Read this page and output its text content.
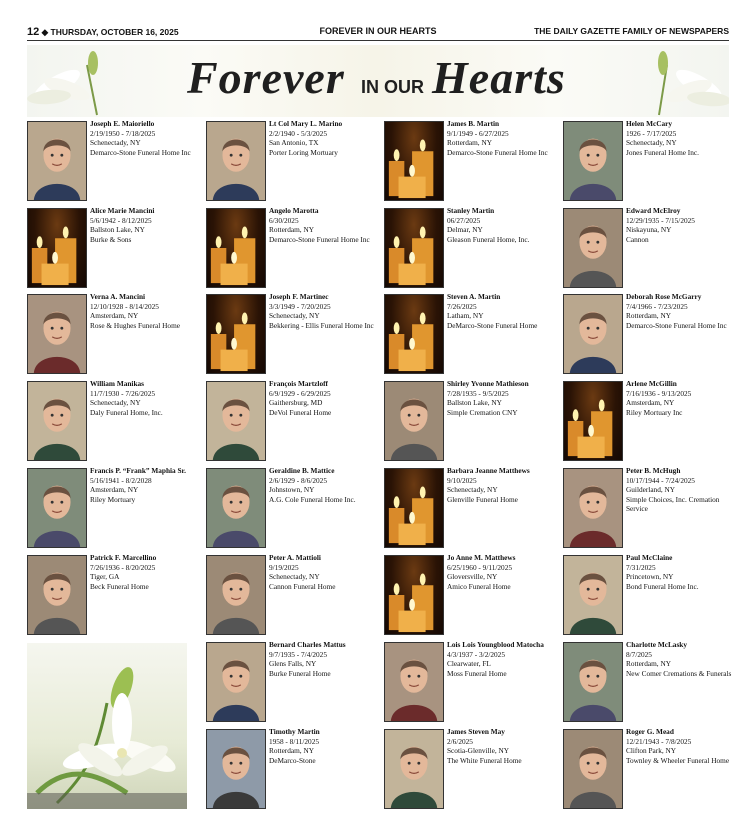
12 ◆ THURSDAY, OCTOBER 16, 2025	FOREVER IN OUR HEARTS	THE DAILY GAZETTE FAMILY OF NEWSPAPERS
Forever IN OUR Hearts
Joseph E. Maioriello
2/19/1950 - 7/18/2025
Schenectady, NY
Demarco-Stone Funeral Home Inc
Alice Marie Mancini
5/6/1942 - 8/12/2025
Ballston Lake, NY
Burke & Sons
Verna A. Mancini
12/10/1928 - 8/14/2025
Amsterdam, NY
Rose & Hughes Funeral Home
William Manikas
11/7/1930 - 7/26/2025
Schenectady, NY
Daly Funeral Home, Inc.
Francis P. “Frank” Maphia Sr.
5/16/1941 - 8/2/2028
Amsterdam, NY
Riley Mortuary
Patrick F. Marcellino
7/26/1936 - 8/20/2025
Tiger, GA
Beck Funeral Home
Lt Col Mary L. Marino
2/2/1940 - 5/3/2025
San Antonio, TX
Porter Loring Mortuary
Angelo Marotta
6/30/2025
Rotterdam, NY
Demarco-Stone Funeral Home Inc
Joseph F. Martinec
3/3/1949 - 7/20/2025
Schenectady, NY
Bekkering - Ellis Funeral Home Inc
François Martzloff
6/9/1929 - 6/29/2025
Gaithersburg, MD
DeVol Funeral Home
Geraldine B. Mattice
2/6/1929 - 8/6/2025
Johnstown, NY
A.G. Cole Funeral Home Inc.
Peter A. Mattioli
9/19/2025
Schenectady, NY
Cannon Funeral Home
Bernard Charles Mattus
9/7/1935 - 7/4/2025
Glens Falls, NY
Burke Funeral Home
Timothy Martin
1958 - 8/11/2025
Rotterdam, NY
DeMarco-Stone
James B. Martin
9/1/1949 - 6/27/2025
Rotterdam, NY
Demarco-Stone Funeral Home Inc
Stanley Martin
06/27/2025
Delmar, NY
Gleason Funeral Home, Inc.
Steven A. Martin
7/26/2025
Latham, NY
DeMarco-Stone Funeral Home
Shirley Yvonne Mathieson
7/28/1935 - 9/5/2025
Ballston Lake, NY
Simple Cremation CNY
Barbara Jeanne Matthews
9/10/2025
Schenectady, NY
Glenville Funeral Home
Jo Anne M. Matthews
6/25/1960 - 9/11/2025
Gloversville, NY
Amico Funeral Home
Lois Lois Youngblood Matocha
4/3/1937 - 3/2/2025
Clearwater, FL
Moss Funeral Home
James Steven May
2/6/2025
Scotia-Glenville, NY
The White Funeral Home
Helen McCary
1926 - 7/17/2025
Schenectady, NY
Jones Funeral Home Inc.
Edward McElroy
12/29/1935 - 7/15/2025
Niskayuna, NY
Cannon
Deborah Rose McGarry
7/4/1966 - 7/23/2025
Rotterdam, NY
Demarco-Stone Funeral Home Inc
Arlene McGillin
7/16/1936 - 9/13/2025
Amsterdam, NY
Riley Mortuary Inc
Peter B. McHugh
10/17/1944 - 7/24/2025
Guilderland, NY
Simple Choices, Inc. Cremation Service
Paul McClaine
7/31/2025
Princetown, NY
Bond Funeral Home Inc.
Charlotte McLasky
8/7/2025
Rotterdam, NY
New Comer Cremations & Funerals
Roger G. Mead
12/21/1943 - 7/8/2025
Clifton Park, NY
Townley & Wheeler Funeral Home
